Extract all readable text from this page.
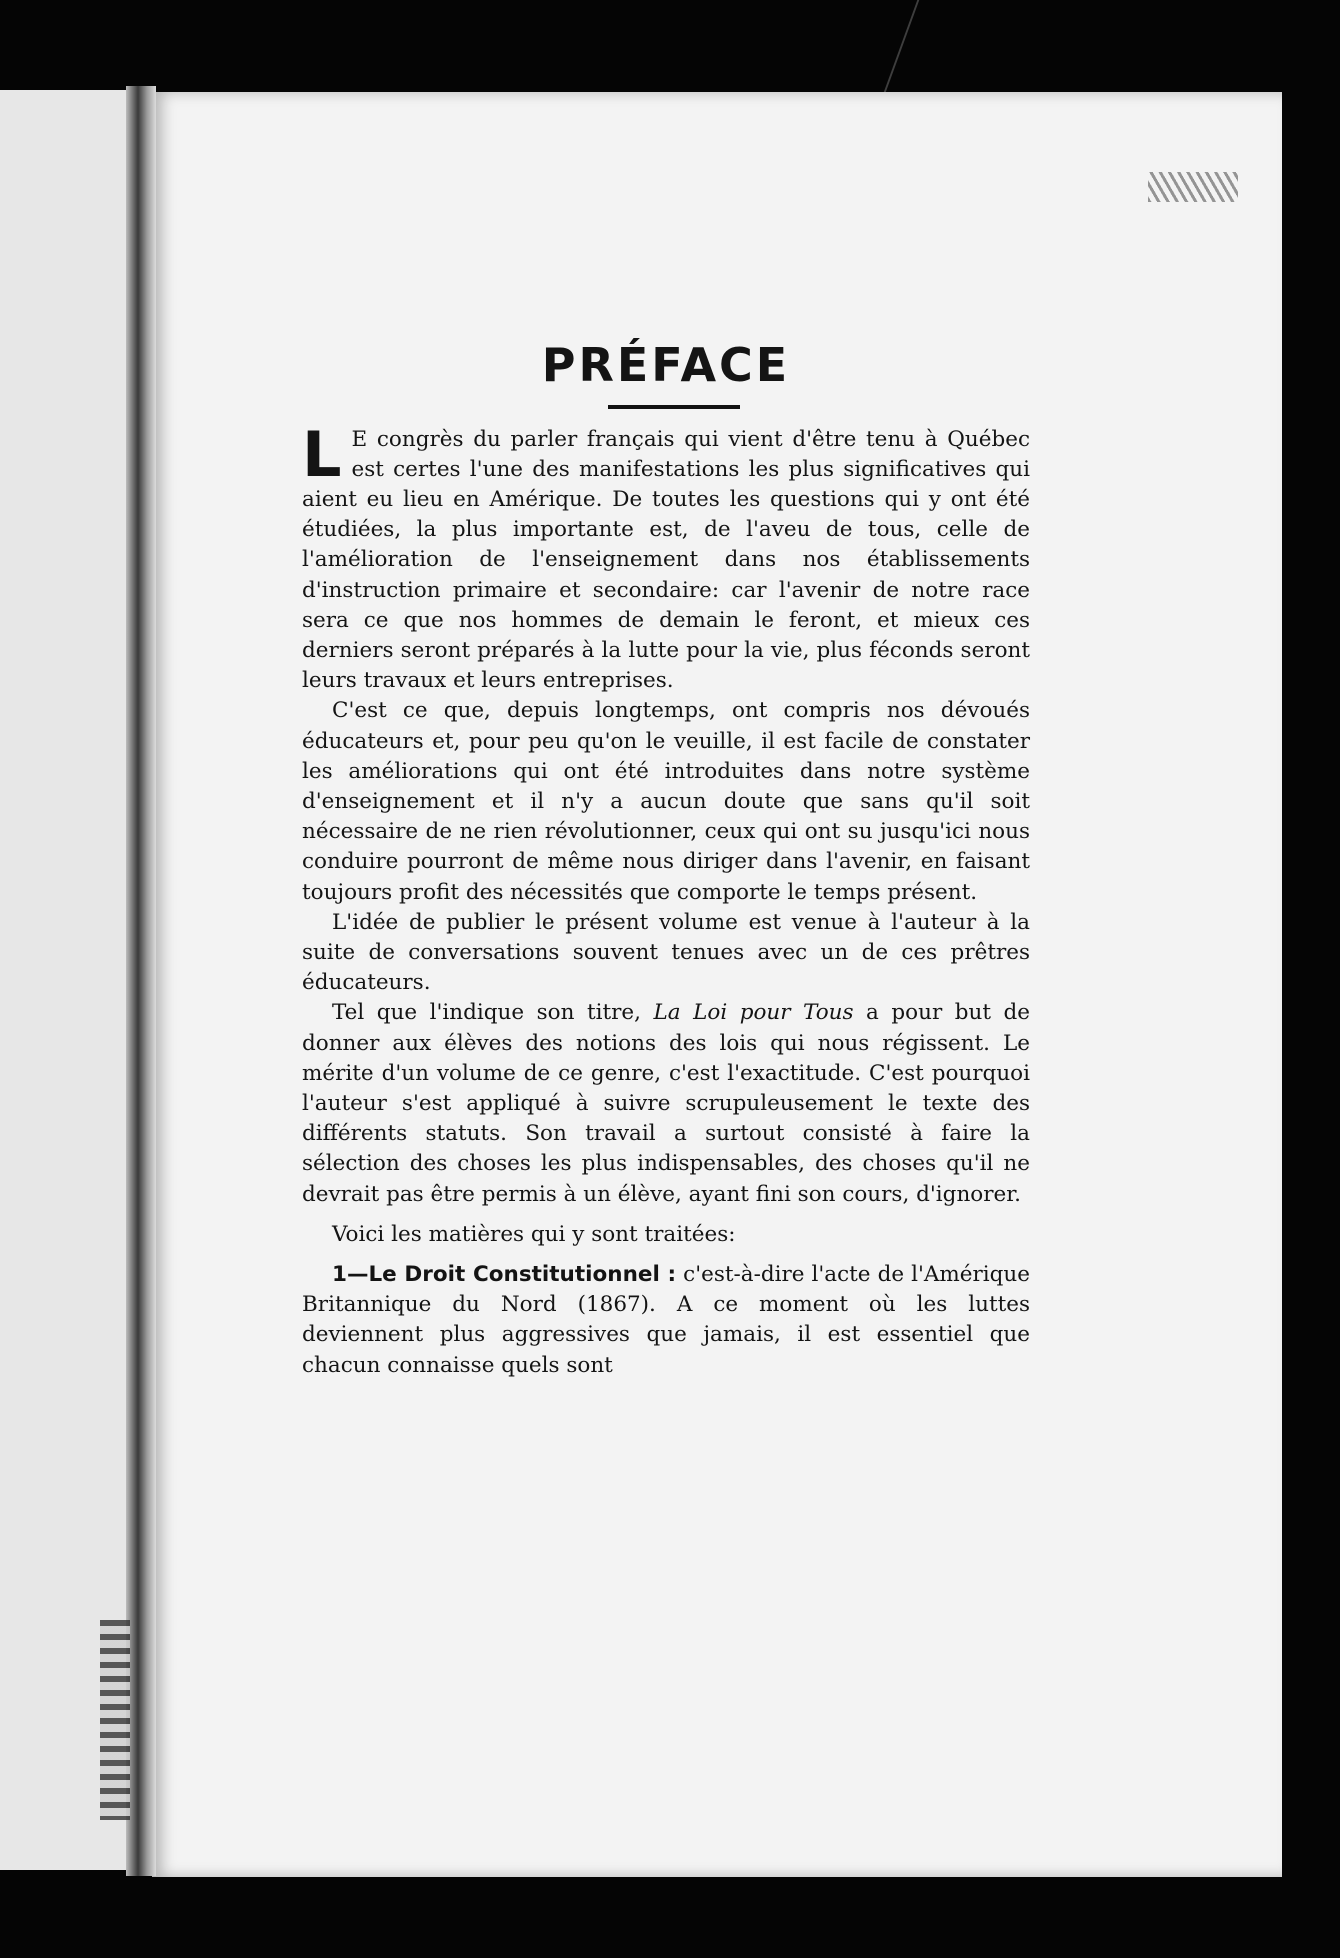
PRÉFACE

L E congrès du parler français qui vient d'être tenu à Québec est certes l'une des manifestations les plus significatives qui aient eu lieu en Amérique. De toutes les questions qui y ont été étudiées, la plus importante est, de l'aveu de tous, celle de l'amélioration de l'enseignement dans nos établissements d'instruction primaire et secondaire: car l'avenir de notre race sera ce que nos hommes de demain le feront, et mieux ces derniers seront préparés à la lutte pour la vie, plus féconds seront leurs travaux et leurs entreprises.

C'est ce que, depuis longtemps, ont compris nos dévoués éducateurs et, pour peu qu'on le veuille, il est facile de constater les améliorations qui ont été introduites dans notre système d'enseignement et il n'y a aucun doute que sans qu'il soit nécessaire de ne rien révolutionner, ceux qui ont su jusqu'ici nous conduire pourront de même nous diriger dans l'avenir, en faisant toujours profit des nécessités que comporte le temps présent.

L'idée de publier le présent volume est venue à l'auteur à la suite de conversations souvent tenues avec un de ces prêtres éducateurs.

Tel que l'indique son titre, La Loi pour Tous a pour but de donner aux élèves des notions des lois qui nous régissent. Le mérite d'un volume de ce genre, c'est l'exactitude. C'est pourquoi l'auteur s'est appliqué à suivre scrupuleusement le texte des différents statuts. Son travail a surtout consisté à faire la sélection des choses les plus indispensables, des choses qu'il ne devrait pas être permis à un élève, ayant fini son cours, d'ignorer.

Voici les matières qui y sont traitées:

1—Le Droit Constitutionnel : c'est-à-dire l'acte de l'Amérique Britannique du Nord (1867). A ce moment où les luttes deviennent plus aggressives que jamais, il est essentiel que chacun connaisse quels sont
